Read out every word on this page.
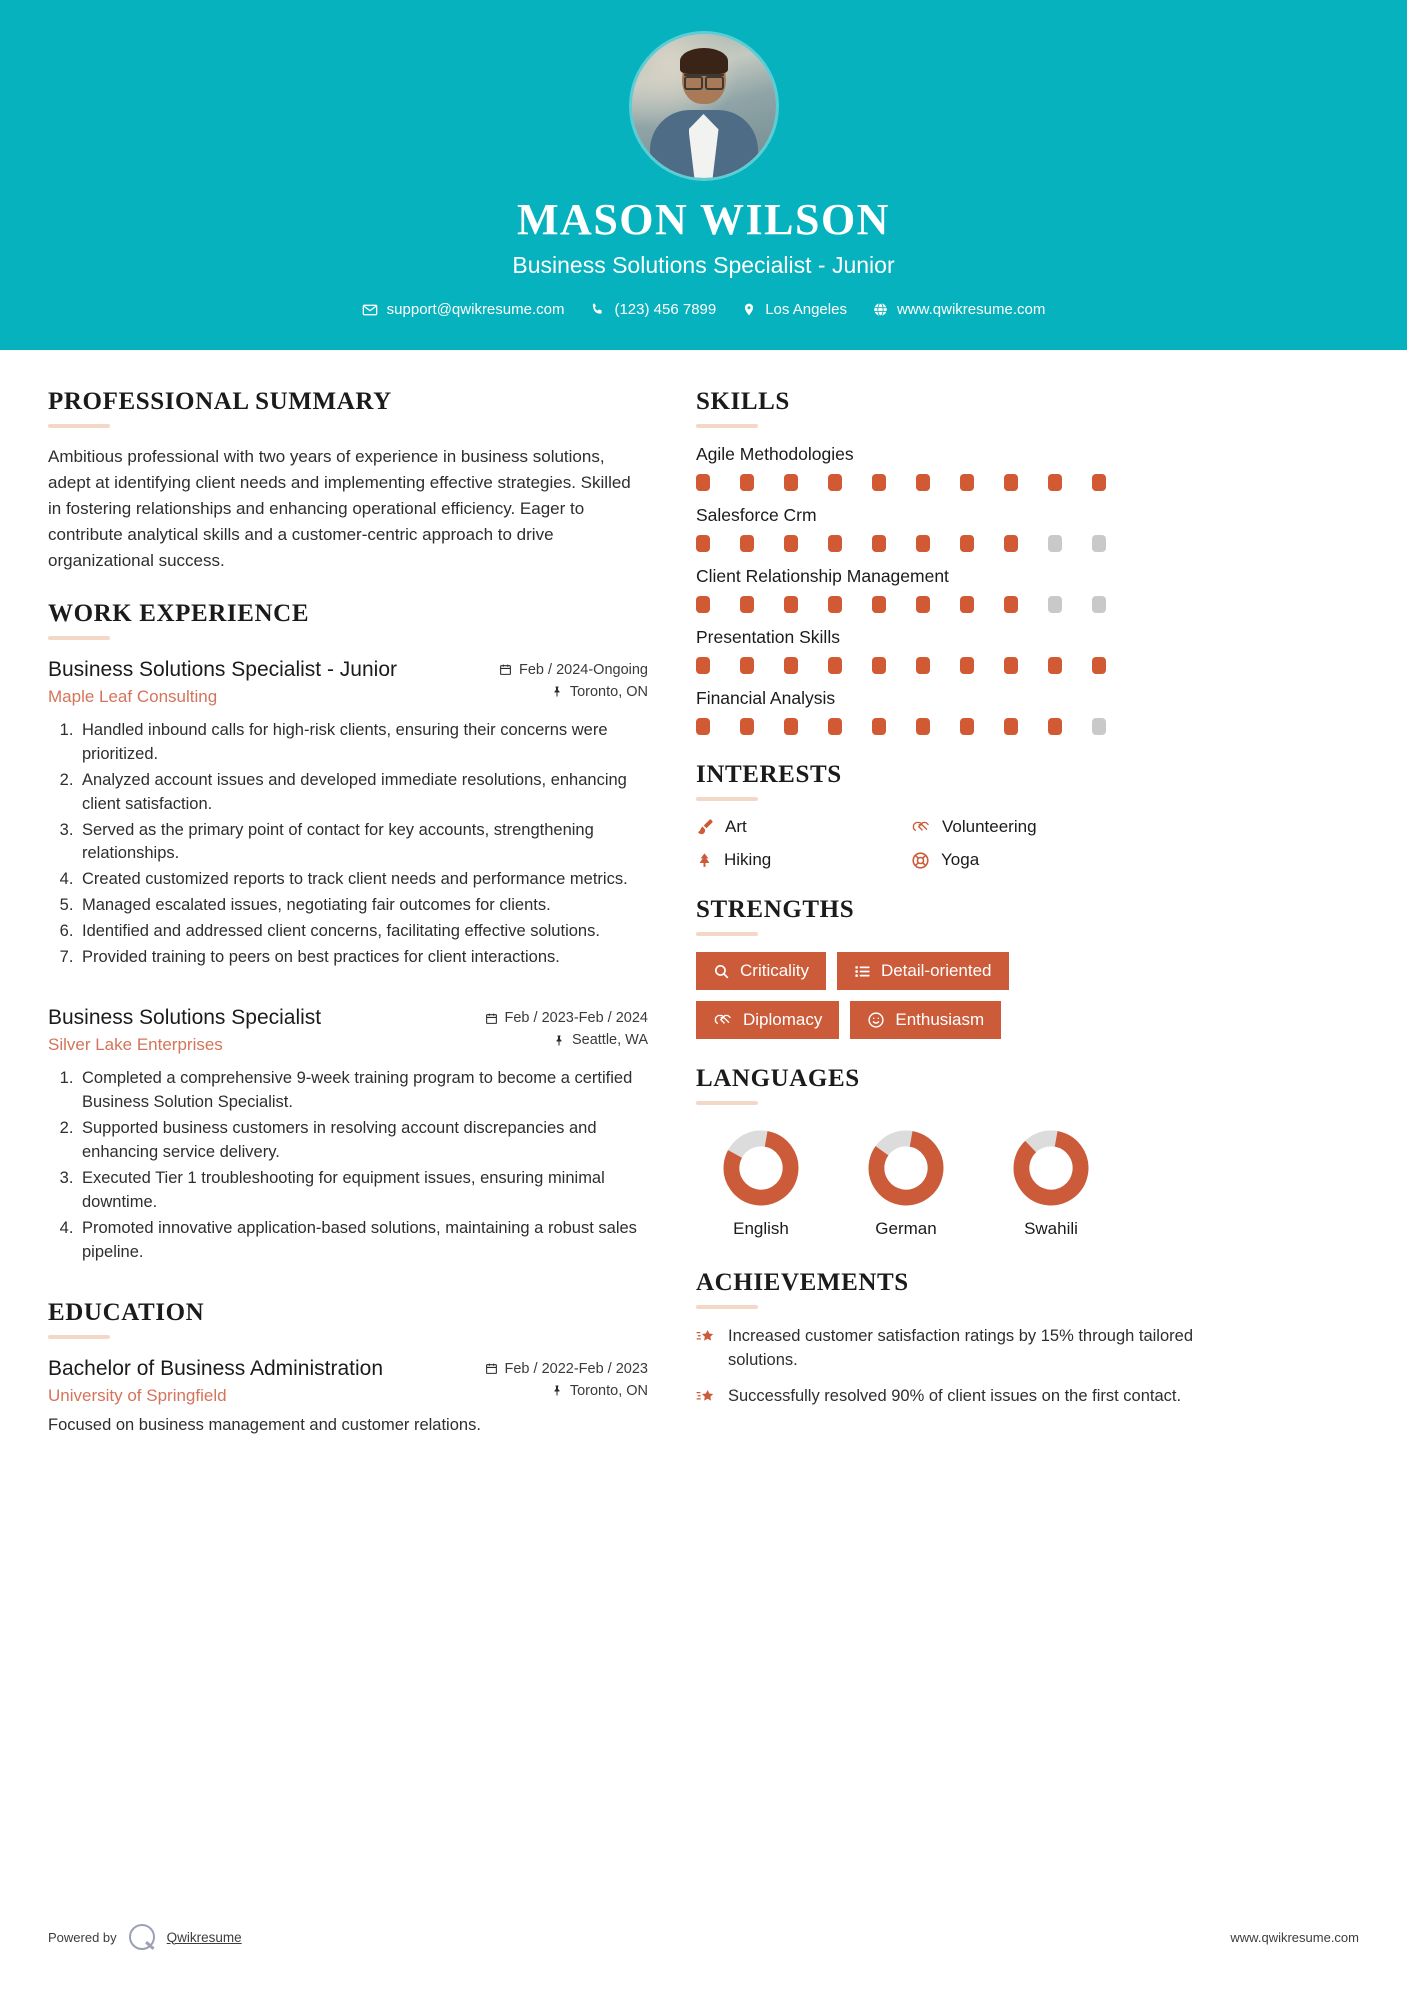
MASON WILSON
Business Solutions Specialist - Junior
support@qwikresume.com	(123) 456 7899	Los Angeles	www.qwikresume.com
PROFESSIONAL SUMMARY
Ambitious professional with two years of experience in business solutions, adept at identifying client needs and implementing effective strategies. Skilled in fostering relationships and enhancing operational efficiency. Eager to contribute analytical skills and a customer-centric approach to drive organizational success.
WORK EXPERIENCE
Business Solutions Specialist - Junior
Maple Leaf Consulting
Feb / 2024-Ongoing
Toronto, ON
1. Handled inbound calls for high-risk clients, ensuring their concerns were prioritized.
2. Analyzed account issues and developed immediate resolutions, enhancing client satisfaction.
3. Served as the primary point of contact for key accounts, strengthening relationships.
4. Created customized reports to track client needs and performance metrics.
5. Managed escalated issues, negotiating fair outcomes for clients.
6. Identified and addressed client concerns, facilitating effective solutions.
7. Provided training to peers on best practices for client interactions.
Business Solutions Specialist
Silver Lake Enterprises
Feb / 2023-Feb / 2024
Seattle, WA
1. Completed a comprehensive 9-week training program to become a certified Business Solution Specialist.
2. Supported business customers in resolving account discrepancies and enhancing service delivery.
3. Executed Tier 1 troubleshooting for equipment issues, ensuring minimal downtime.
4. Promoted innovative application-based solutions, maintaining a robust sales pipeline.
EDUCATION
Bachelor of Business Administration
University of Springfield
Feb / 2022-Feb / 2023
Toronto, ON
Focused on business management and customer relations.
SKILLS
Agile Methodologies
Salesforce Crm
Client Relationship Management
Presentation Skills
Financial Analysis
INTERESTS
Art	Volunteering
Hiking	Yoga
STRENGTHS
Criticality	Detail-oriented
Diplomacy	Enthusiasm
LANGUAGES
English	German	Swahili
ACHIEVEMENTS
Increased customer satisfaction ratings by 15% through tailored solutions.
Successfully resolved 90% of client issues on the first contact.
Powered by	Qwikresume	www.qwikresume.com
